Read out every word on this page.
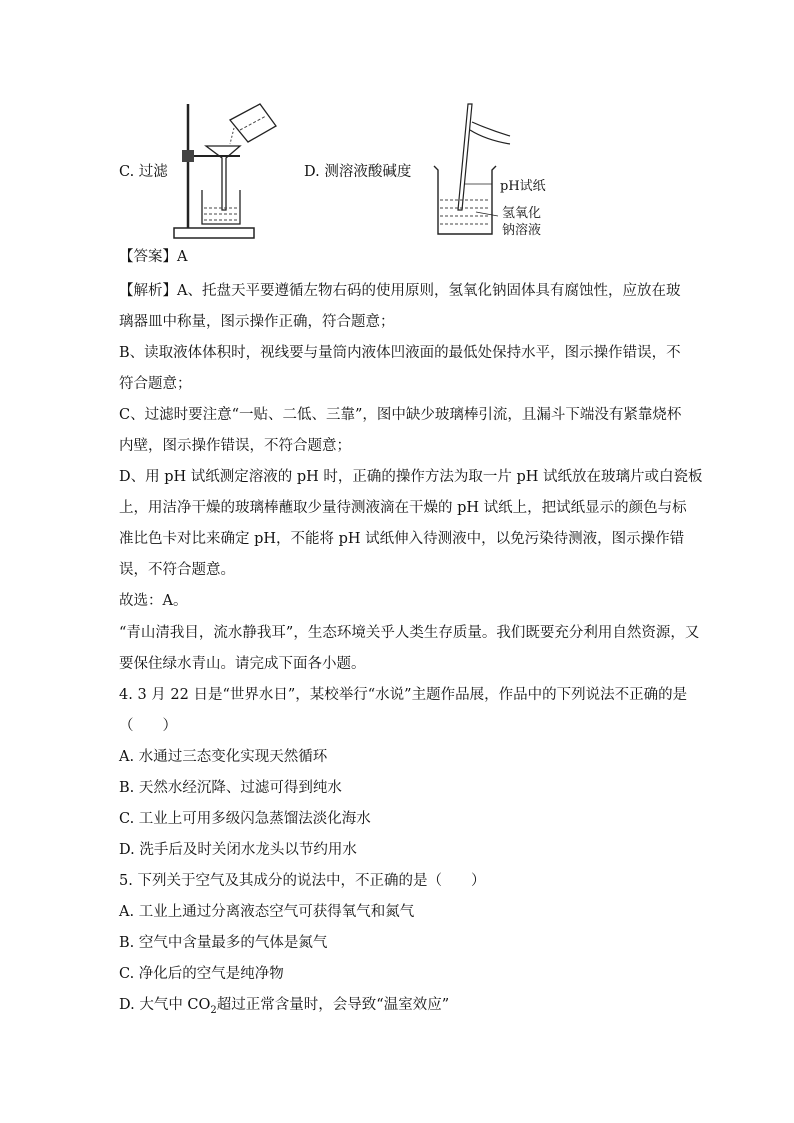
C. 过滤	D. 测溶液酸碱度
pH试纸
氢氧化
钠溶液
【答案】A
【解析】A、托盘天平要遵循左物右码的使用原则，氢氧化钠固体具有腐蚀性，应放在玻
璃器皿中称量，图示操作正确，符合题意；
B、读取液体体积时，视线要与量筒内液体凹液面的最低处保持水平，图示操作错误，不
符合题意；
C、过滤时要注意“一贴、二低、三靠”，图中缺少玻璃棒引流，且漏斗下端没有紧靠烧杯
内壁，图示操作错误，不符合题意；
D、用 pH 试纸测定溶液的 pH 时，正确的操作方法为取一片 pH 试纸放在玻璃片或白瓷板
上，用洁净干燥的玻璃棒蘸取少量待测液滴在干燥的 pH 试纸上，把试纸显示的颜色与标
准比色卡对比来确定 pH，不能将 pH 试纸伸入待测液中，以免污染待测液，图示操作错
误，不符合题意。
故选：A。
“青山清我目，流水静我耳”，生态环境关乎人类生存质量。我们既要充分利用自然资源，又
要保住绿水青山。请完成下面各小题。
4. 3 月 22 日是“世界水日”，某校举行“水说”主题作品展，作品中的下列说法不正确的是
（　　）
A. 水通过三态变化实现天然循环
B. 天然水经沉降、过滤可得到纯水
C. 工业上可用多级闪急蒸馏法淡化海水
D. 洗手后及时关闭水龙头以节约用水
5. 下列关于空气及其成分的说法中，不正确的是（　　）
A. 工业上通过分离液态空气可获得氧气和氮气
B. 空气中含量最多的气体是氮气
C. 净化后的空气是纯净物
D. 大气中 $CO_2$超过正常含量时，会导致“温室效应”
